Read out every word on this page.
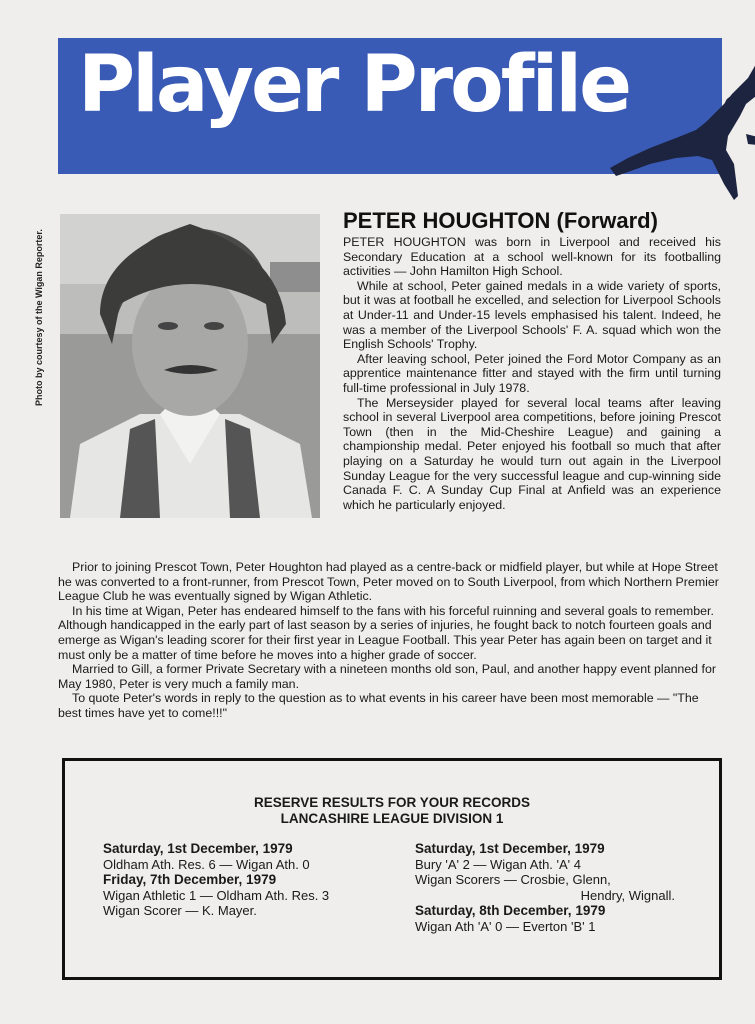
Player Profile
Photo by courtesy of the Wigan Reporter.
PETER HOUGHTON (Forward)

PETER HOUGHTON was born in Liverpool and received his Secondary Education at a school well-known for its footballing activities — John Hamilton High School.

While at school, Peter gained medals in a wide variety of sports, but it was at football he excelled, and selection for Liverpool Schools at Under-11 and Under-15 levels emphasised his talent. Indeed, he was a member of the Liverpool Schools' F. A. squad which won the English Schools' Trophy.

After leaving school, Peter joined the Ford Motor Company as an apprentice maintenance fitter and stayed with the firm until turning full-time professional in July 1978.

The Merseysider played for several local teams after leaving school in several Liverpool area competitions, before joining Prescot Town (then in the Mid-Cheshire League) and gaining a championship medal. Peter enjoyed his football so much that after playing on a Saturday he would turn out again in the Liverpool Sunday League for the very successful league and cup-winning side Canada F. C. A Sunday Cup Final at Anfield was an experience which he particularly enjoyed.

Prior to joining Prescot Town, Peter Houghton had played as a centre-back or midfield player, but while at Hope Street he was converted to a front-runner, from Prescot Town, Peter moved on to South Liverpool, from which Northern Premier League Club he was eventually signed by Wigan Athletic.

In his time at Wigan, Peter has endeared himself to the fans with his forceful ruinning and several goals to remember. Although handicapped in the early part of last season by a series of injuries, he fought back to notch fourteen goals and emerge as Wigan's leading scorer for their first year in League Football. This year Peter has again been on target and it must only be a matter of time before he moves into a higher grade of soccer.

Married to Gill, a former Private Secretary with a nineteen months old son, Paul, and another happy event planned for May 1980, Peter is very much a family man.

To quote Peter's words in reply to the question as to what events in his career have been most memorable — "The best times have yet to come!!!"

RESERVE RESULTS FOR YOUR RECORDS
LANCASHIRE LEAGUE DIVISION 1
Saturday, 1st December, 1979
Oldham Ath. Res. 6 — Wigan Ath. 0
Friday, 7th December, 1979
Wigan Athletic 1 — Oldham Ath. Res. 3
Wigan Scorer — K. Mayer.
Saturday, 1st December, 1979
Bury 'A' 2 — Wigan Ath. 'A' 4
Wigan Scorers — Crosbie, Glenn,
Hendry, Wignall.
Saturday, 8th December, 1979
Wigan Ath 'A' 0 — Everton 'B' 1
